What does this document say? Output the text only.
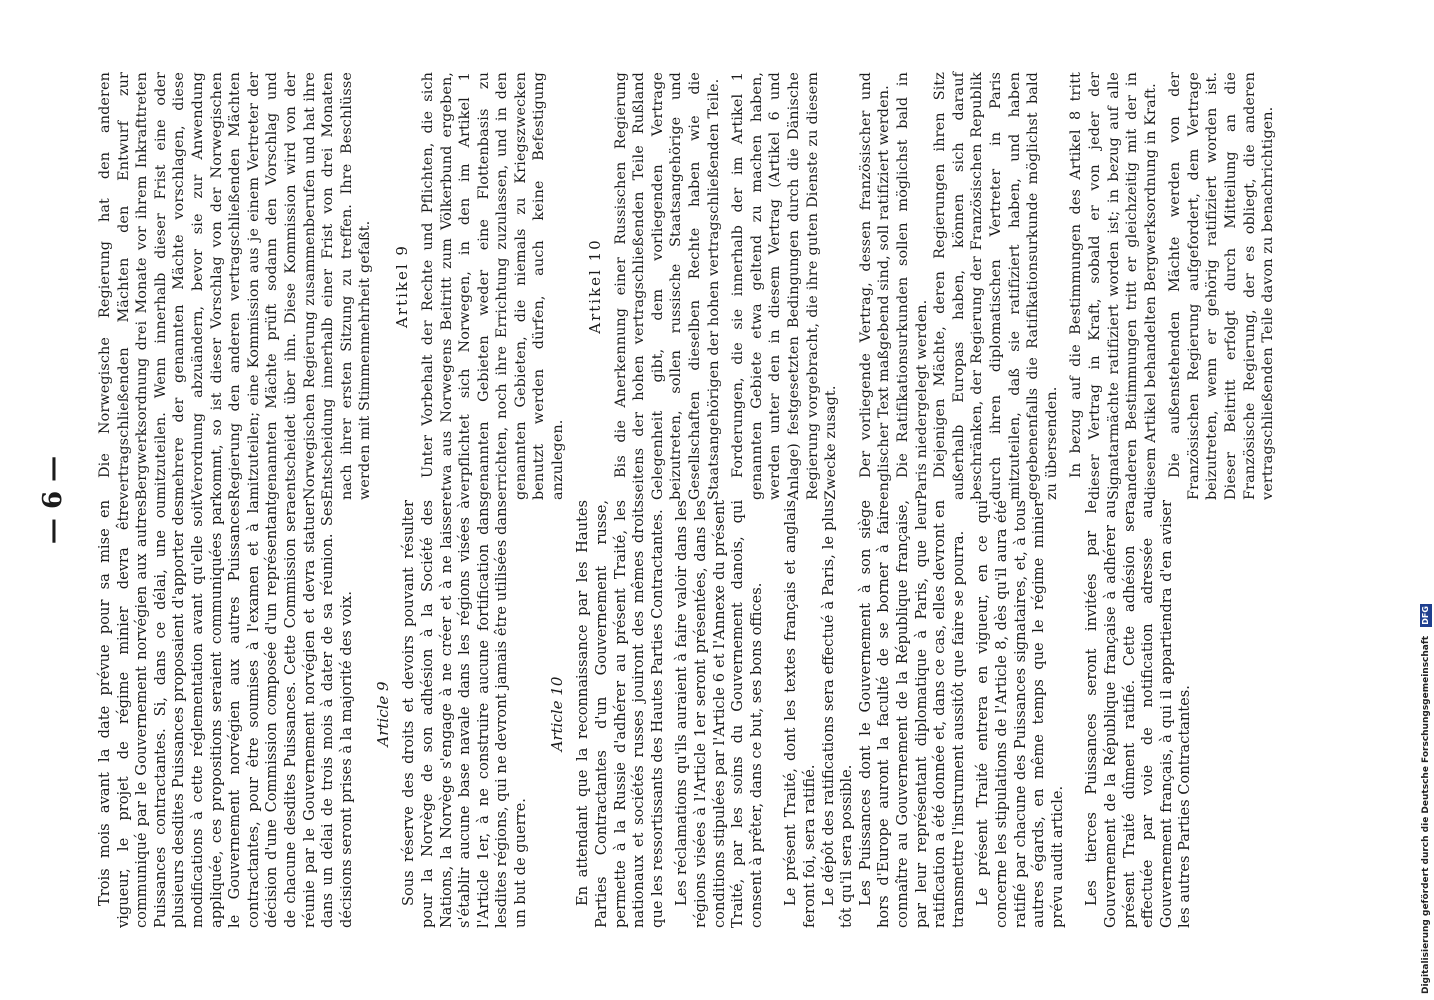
— 6 — Trois mois avant la date prévue pour sa mise en vigueur, le projet de régime minier devra être communiqué par le Gouvernement norvégien aux autres Puissances contractantes. Si, dans ce délai, une ou plusieurs desdites Puissances proposaient d'apporter des modifications à cette réglementation avant qu'elle soit appliquée, ces propositions seraient communiquées par le Gouvernement norvégien aux autres Puissances contractantes, pour être soumises à l'examen et à la décision d'une Commission composée d'un représentant de chacune desdites Puissances. Cette Commission sera réunie par le Gouvernement norvégien et devra statuer dans un délai de trois mois à dater de sa réunion. Ses décisions seront prises à la majorité des voix. Article 9 Sous réserve des droits et devoirs pouvant résulter pour la Norvège de son adhésion à la Société des Nations, la Norvège s'engage à ne créer et à ne laisser s'établir aucune base navale dans les régions visées à l'Article 1er, à ne construire aucune fortification dans lesdites régions, qui ne devront jamais être utilisées dans un but de guerre.

Article 10 En attendant que la reconnaissance par les Hautes Parties Contractantes d'un Gouvernement russe, permette à la Russie d'adhérer au présent Traité, les nationaux et sociétés russes jouiront des mêmes droits que les ressortissants des Hautes Parties Contractantes. Les réclamations qu'ils auraient à faire valoir dans les régions visées à l'Article 1er seront présentées, dans les conditions stipulées par l'Article 6 et l'Annexe du présent Traité, par les soins du Gouvernement danois, qui consent à prêter, dans ce but, ses bons offices. Le présent Traité, dont les textes français et anglais feront foi, sera ratifié. Le dépôt des ratifications sera effectué à Paris, le plus tôt qu'il sera possible. Les Puissances dont le Gouvernement à son siège hors d'Europe auront la faculté de se borner à faire connaître au Gouvernement de la République française, par leur représentant diplomatique à Paris, que leur ratification a été donnée et, dans ce cas, elles devront en transmettre l'instrument aussitôt que faire se pourra. Le présent Traité entrera en vigueur, en ce qui concerne les stipulations de l'Article 8, dès qu'il aura été ratifié par chacune des Puissances signataires, et, à tous autres égards, en même temps que le régime minier prévu audit article. Les tierces Puissances seront invitées par le Gouvernement de la République française à adhérer au présent Traité dûment ratifié. Cette adhésion sera effectuée par voie de notification adressée au Gouvernement français, à qui il appartiendra d'en aviser les autres Parties Contractantes.

Die Norwegische Regierung hat den anderen vertragschließenden Mächten den Entwurf zur Bergwerksordnung drei Monate vor ihrem Inkrafttreten mitzuteilen. Wenn innerhalb dieser Frist eine oder mehrere der genannten Mächte vorschlagen, diese Verordnung abzuändern, bevor sie zur Anwendung kommt, so ist dieser Vorschlag von der Norwegischen Regierung den anderen vertragschließenden Mächten mitzuteilen; eine Kommission aus je einem Vertreter der genannten Mächte prüft sodann den Vorschlag und entscheidet über ihn. Diese Kommission wird von der Norwegischen Regierung zusammenberufen und hat ihre Entscheidung innerhalb einer Frist von drei Monaten nach ihrer ersten Sitzung zu treffen. Ihre Beschlüsse werden mit Stimmenmehrheit gefaßt. Artikel 9 Unter Vorbehalt der Rechte und Pflichten, die sich etwa aus Norwegens Beitritt zum Völkerbund ergeben, verpflichtet sich Norwegen, in den im Artikel 1 genannten Gebieten weder eine Flottenbasis zu errichten, noch ihre Errichtung zuzulassen, und in den genannten Gebieten, die niemals zu Kriegszwecken benutzt werden dürfen, auch keine Befestigung anzulegen.

Artikel 10 Bis die Anerkennung einer Russischen Regierung seitens der hohen vertragschließenden Teile Rußland Gelegenheit gibt, dem vorliegenden Vertrage beizutreten, sollen russische Staatsangehörige und Gesellschaften dieselben Rechte haben wie die Staatsangehörigen der hohen vertragschließenden Teile. Forderungen, die sie innerhalb der im Artikel 1 genannten Gebiete etwa geltend zu machen haben, werden unter den in diesem Vertrag (Artikel 6 und Anlage) festgesetzten Bedingungen durch die Dänische Regierung vorgebracht, die ihre guten Dienste zu diesem Zwecke zusagt. Der vorliegende Vertrag, dessen französischer und englischer Text maßgebend sind, soll ratifiziert werden. Die Ratifikationsurkunden sollen möglichst bald in Paris niedergelegt werden. Diejenigen Mächte, deren Regierungen ihren Sitz außerhalb Europas haben, können sich darauf beschränken, der Regierung der Französischen Republik durch ihren diplomatischen Vertreter in Paris mitzuteilen, daß sie ratifiziert haben, und haben gegebenenfalls die Ratifikationsurkunde möglichst bald zu übersenden. In bezug auf die Bestimmungen des Artikel 8 tritt dieser Vertrag in Kraft, sobald er von jeder der Signatarmächte ratifiziert worden ist; in bezug auf alle anderen Bestimmungen tritt er gleichzeitig mit der in diesem Artikel behandelten Bergwerksordnung in Kraft. Die außenstehenden Mächte werden von der Französischen Regierung aufgefordert, dem Vertrage beizutreten, wenn er gehörig ratifiziert worden ist. Dieser Beitritt erfolgt durch Mitteilung an die Französische Regierung, der es obliegt, die anderen vertragschließenden Teile davon zu benachrichtigen.

Digitalisierung gefördert durch die Deutsche Forschungsgemeinschaft DFG
